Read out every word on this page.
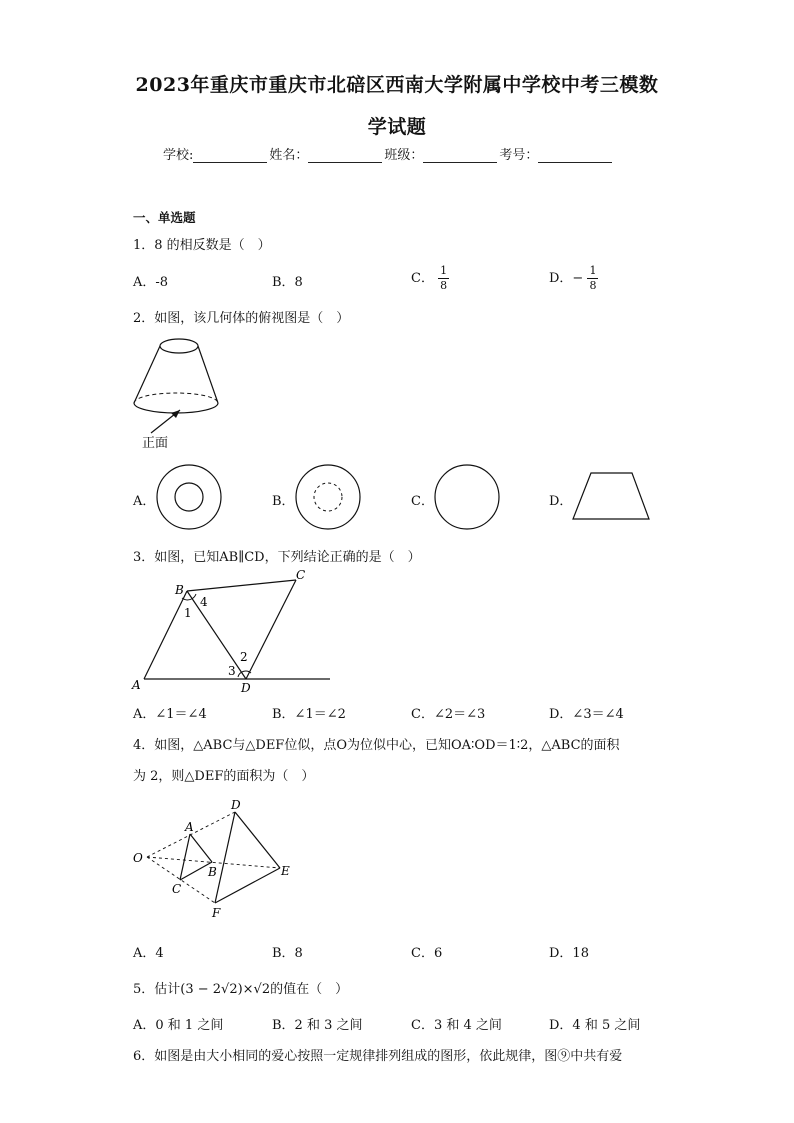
2023年重庆市重庆市北碚区西南大学附属中学校中考三模数
学试题
学校:	姓名：	班级：	考号：
一、单选题
1．8 的相反数是（　）
A．-8	B．8	C． $\frac{1}{8}$	D．− $\frac{1}{8}$
2．如图，该几何体的俯视图是（　）
正面
A．	B．	C．	D．
3．如图，已知AB∥CD，下列结论正确的是（　）
A
B
C
D
1
2
3
4
A．∠1＝∠4	B．∠1＝∠2	C．∠2＝∠3	D．∠3＝∠4
4．如图，△ABC与△DEF位似，点O为位似中心，已知OA∶OD＝1∶2，△ABC的面积
为 2，则△DEF的面积为（　）
O
A
B
C
D
E
F
A．4	B．8	C．6	D．18
5．估计(3 − 2√2)×√2的值在（　）
A．0 和 1 之间	B．2 和 3 之间	C．3 和 4 之间	D．4 和 5 之间
6．如图是由大小相同的爱心按照一定规律排列组成的图形，依此规律，图⑨中共有爱
